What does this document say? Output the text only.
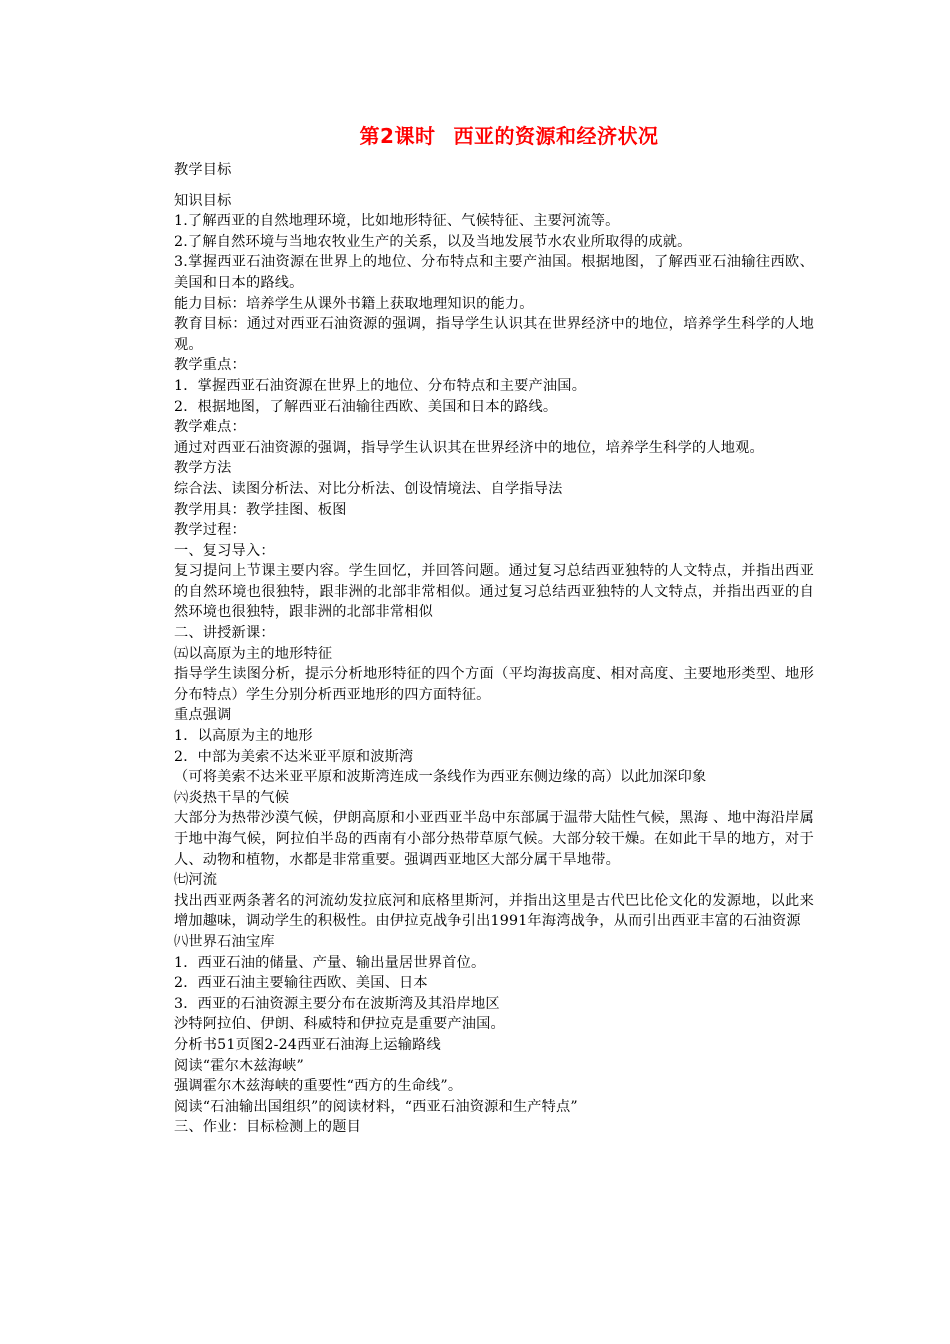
第2课时 西亚的资源和经济状况
教学目标
知识目标
1.了解西亚的自然地理环境，比如地形特征、气候特征、主要河流等。
2.了解自然环境与当地农牧业生产的关系，以及当地发展节水农业所取得的成就。
3.掌握西亚石油资源在世界上的地位、分布特点和主要产油国。根据地图，了解西亚石油输往西欧、美国和日本的路线。
能力目标：培养学生从课外书籍上获取地理知识的能力。
教育目标：通过对西亚石油资源的强调，指导学生认识其在世界经济中的地位，培养学生科学的人地观。
教学重点：
1．掌握西亚石油资源在世界上的地位、分布特点和主要产油国。
2．根据地图，了解西亚石油输往西欧、美国和日本的路线。
教学难点：
通过对西亚石油资源的强调，指导学生认识其在世界经济中的地位，培养学生科学的人地观。
教学方法
综合法、读图分析法、对比分析法、创设情境法、自学指导法
教学用具：教学挂图、板图
教学过程：
一、复习导入：
复习提问上节课主要内容。学生回忆，并回答问题。通过复习总结西亚独特的人文特点，并指出西亚的自然环境也很独特，跟非洲的北部非常相似。通过复习总结西亚独特的人文特点，并指出西亚的自然环境也很独特，跟非洲的北部非常相似
二、讲授新课：
㈤以高原为主的地形特征
指导学生读图分析，提示分析地形特征的四个方面（平均海拔高度、相对高度、主要地形类型、地形分布特点）学生分别分析西亚地形的四方面特征。
重点强调
1．以高原为主的地形
2．中部为美索不达米亚平原和波斯湾
（可将美索不达米亚平原和波斯湾连成一条线作为西亚东侧边缘的高）以此加深印象
㈥炎热干旱的气候
大部分为热带沙漠气候，伊朗高原和小亚西亚半岛中东部属于温带大陆性气候，黑海 、地中海沿岸属于地中海气候，阿拉伯半岛的西南有小部分热带草原气候。大部分较干燥。在如此干旱的地方，对于人、动物和植物，水都是非常重要。强调西亚地区大部分属干旱地带。
㈦河流
找出西亚两条著名的河流幼发拉底河和底格里斯河，并指出这里是古代巴比伦文化的发源地，以此来增加趣味，调动学生的积极性。由伊拉克战争引出1991年海湾战争，从而引出西亚丰富的石油资源
㈧世界石油宝库
1．西亚石油的储量、产量、输出量居世界首位。
2．西亚石油主要输往西欧、美国、日本
3．西亚的石油资源主要分布在波斯湾及其沿岸地区
沙特阿拉伯、伊朗、科威特和伊拉克是重要产油国。
分析书51页图2-24西亚石油海上运输路线
阅读“霍尔木兹海峡”
强调霍尔木兹海峡的重要性“西方的生命线”。
阅读“石油输出国组织”的阅读材料，“西亚石油资源和生产特点”
三、作业：目标检测上的题目
